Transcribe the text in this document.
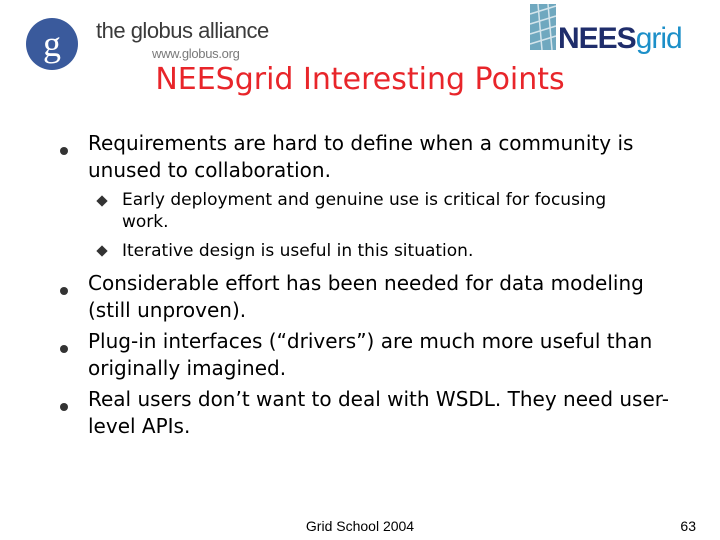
g the globus alliance

www.globus.org	NEESgrid
NEESgrid Interesting Points

Requirements are hard to define when a community is unused to collaboration.

Early deployment and genuine use is critical for focusing work.

Iterative design is useful in this situation.

Considerable effort has been needed for data modeling (still unproven).

Plug-in interfaces (“drivers”) are much more useful than originally imagined.

Real users don’t want to deal with WSDL. They need user-level APIs.

Grid School 2004	63
